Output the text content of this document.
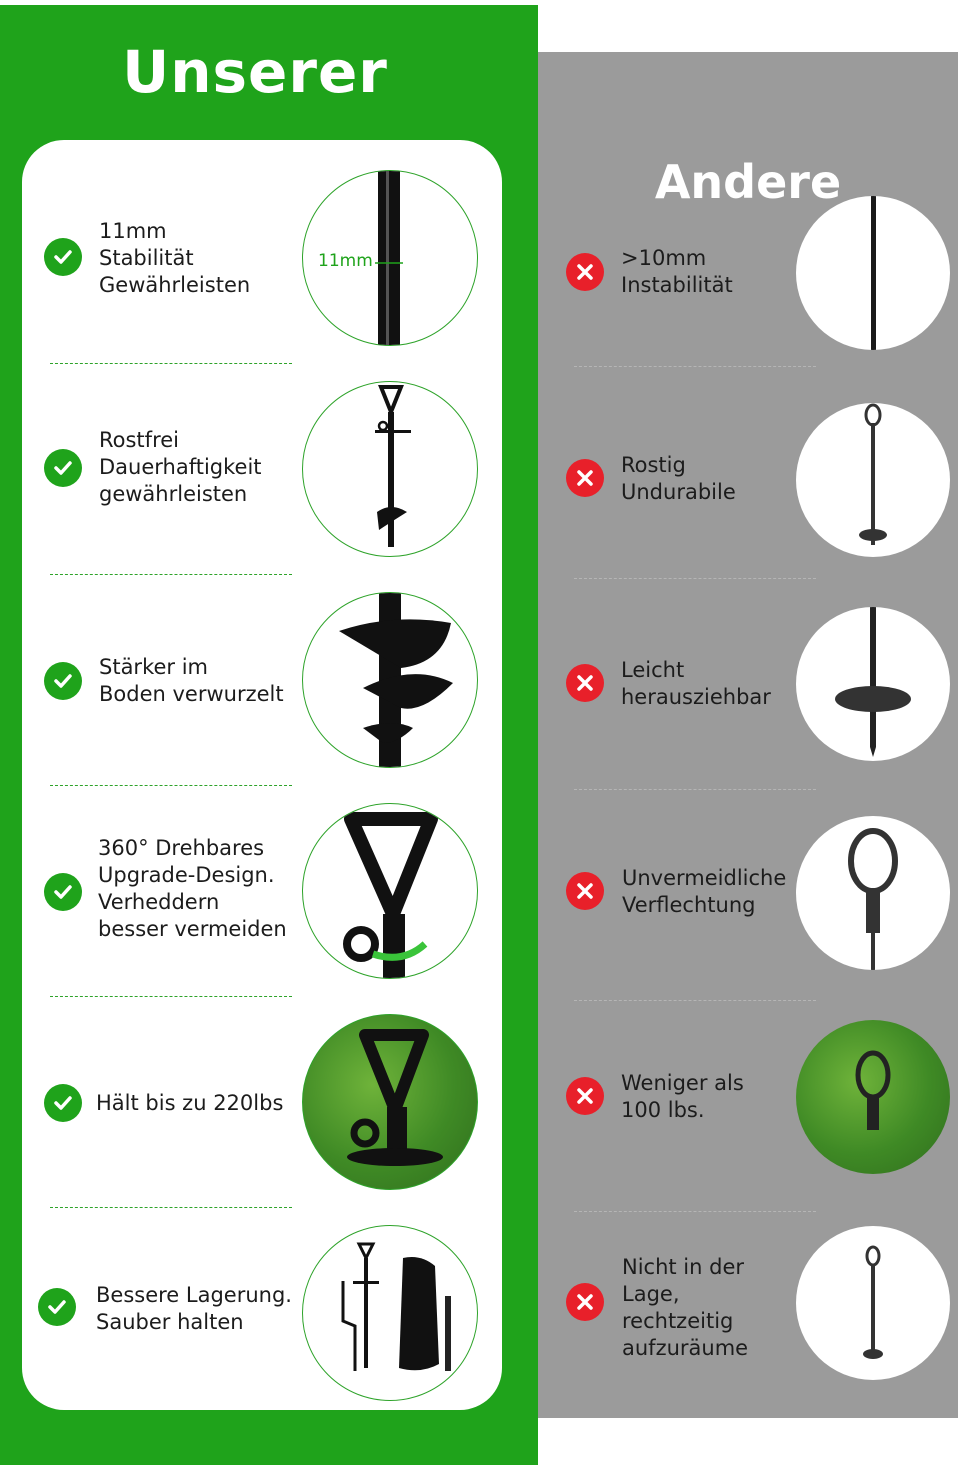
Andere
>10mm
Instabilität
Rostig
Undurabile
Leicht
herausziehbar
Unvermeidliche
Verflechtung
Weniger als
100 lbs.
Nicht in der
Lage,
rechtzeitig
aufzuräume
Unserer
11mm
Stabilität
Gewährleisten
11mm
Rostfrei
Dauerhaftigkeit
gewährleisten
Stärker im
Boden verwurzelt
360° Drehbares
Upgrade-Design.
Verheddern
besser vermeiden
Hält bis zu 220lbs
Bessere Lagerung.
Sauber halten	Vokapoog
